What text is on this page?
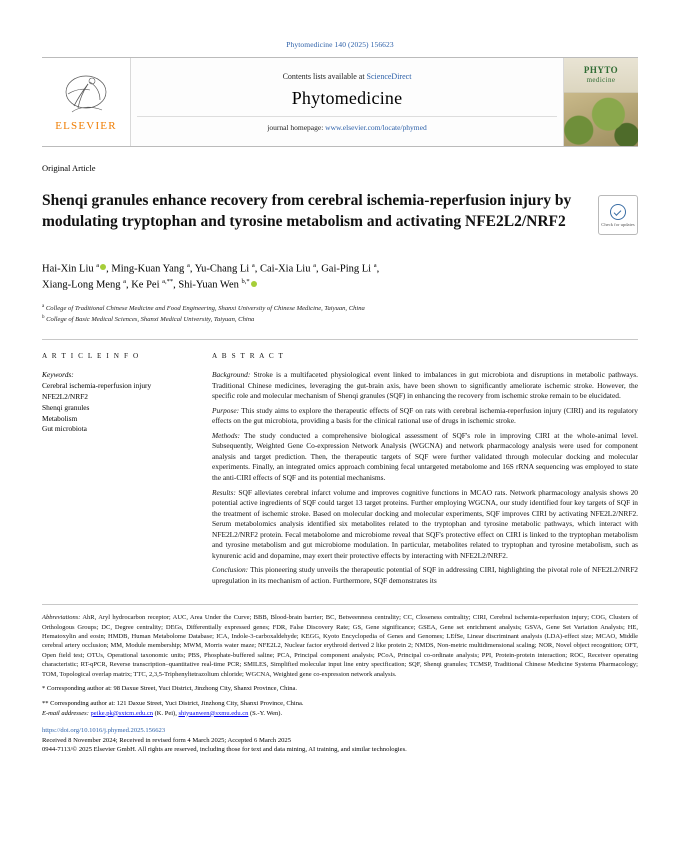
Phytomedicine 140 (2025) 156623
ELSEVIER
Contents lists available at ScienceDirect
Phytomedicine
journal homepage: www.elsevier.com/locate/phymed
PHYTO
medicine
Original Article
Shenqi granules enhance recovery from cerebral ischemia-reperfusion injury by modulating tryptophan and tyrosine metabolism and activating NFE2L2/NRF2	Check for updates
Hai-Xin Liu $^a$ , Ming-Kuan Yang $^a$, Yu-Chang Li $^a$, Cai-Xia Liu $^a$, Gai-Ping Li $^a$,
Xiang-Long Meng $^a$, Ke Pei $^{a,**}$, Shi-Yuan Wen $^{b,*}$
$^a$ College of Traditional Chinese Medicine and Food Engineering, Shanxi University of Chinese Medicine, Taiyuan, China
$^b$ College of Basic Medical Sciences, Shanxi Medical University, Taiyuan, China
A R T I C L E I N F O
Keywords:
Cerebral ischemia-reperfusion injury
NFE2L2/NRF2
Shenqi granules
Metabolism
Gut microbiota
A B S T R A C T

Background: Stroke is a multifaceted physiological event linked to imbalances in gut microbiota and disruptions in metabolic pathways. Traditional Chinese medicines, leveraging the gut-brain axis, have been shown to significantly ameliorate ischemic stroke. However, the specific role and molecular mechanism of Shenqi granules (SQF) in enhancing the recovery from ischemic stroke remain to be elucidated.

Purpose: This study aims to explore the therapeutic effects of SQF on rats with cerebral ischemia-reperfusion injury (CIRI) and its regulatory effects on the gut microbiota, providing a basis for the clinical rational use of drugs in ischemic stroke.

Methods: The study conducted a comprehensive biological assessment of SQF's role in improving CIRI at the whole-animal level. Subsequently, Weighted Gene Co-expression Network Analysis (WGCNA) and network pharmacology analysis were used for component analysis and target prediction. Then, the therapeutic targets of SQF were further validated through molecular docking and molecular experiments. Finally, an integrated omics approach combining fecal untargeted metabolome and 16S rRNA sequencing was employed to state the anti-CIRI effects of SQF and its potential mechanisms.

Results: SQF alleviates cerebral infarct volume and improves cognitive functions in MCAO rats. Network pharmacology analysis shows 20 potential active ingredients of SQF could target 13 target proteins. Further employing WGCNA, our study identified four key targets of SQF in the treatment of ischemic stroke. Based on molecular docking and molecular experiments, SQF improves CIRI by activating NFE2L2/NRF2. Serum metabolomics analysis identified six metabolites related to the tryptophan and tyrosine metabolic pathways, which interact with NFE2L2/NRF2 protein. Fecal metabolome and microbiome reveal that SQF's protective effect on CIRI is linked to the tryptophan metabolism and tyrosine metabolism and gut microbiome modulation. In particular, metabolites related to tryptophan and tyrosine metabolism, such as kynurenic acid and dopamine, may exert their protective effects by interacting with NFE2L2/NRF2.

Conclusion: This pioneering study unveils the therapeutic potential of SQF in addressing CIRI, highlighting the pivotal role of NFE2L2/NRF2 upregulation in its mechanism of action. Furthermore, SQF demonstrates its

Abbreviations: AhR, Aryl hydrocarbon receptor; AUC, Area Under the Curve; BBB, Blood-brain barrier; BC, Betweenness centrality; CC, Closeness centrality; CIRI, Cerebral ischemia-reperfusion injury; COG, Clusters of Orthologous Groups; DC, Degree centrality; DEGs, Differentially expressed genes; FDR, False Discovery Rate; GS, Gene significance; GSEA, Gene set enrichment analysis; GSVA, Gene Set Variation Analysis; HE, Hematoxylin and eosin; HMDB, Human Metabolome Database; ICA, Indole-3-carboxaldehyde; KEGG, Kyoto Encyclopedia of Genes and Genomes; LEfSe, Linear discriminant analysis (LDA)-effect size; MCAO, Middle cerebral artery occlusion; MM, Module membership; MWM, Morris water maze; NFE2L2, Nuclear factor erythroid derived 2 like protein 2; NMDS, Non-metric multidimensional scaling; NOR, Novel object recognition; OFT, Open field test; OTUs, Operational taxonomic units; PBS, Phosphate-buffered saline; PCA, Principal component analysis; PCoA, Principal co-ordinate analysis; PPI, Protein-protein interaction; ROC, Receiver operating characteristic; RT-qPCR, Reverse transcription–quantitative real-time PCR; SMILES, Simplified molecular input line entry specification; SQF, Shenqi granules; TCMSP, Traditional Chinese Medicine Systems Pharmacology; TOM, Topological overlap matrix; TTC, 2,3,5-Triphenyltetrazolium chloride; WGCNA, Weighted gene co-expression network analysis.
* Corresponding author at: 98 Daxue Street, Yuci District, Jinzhong City, Shanxi Province, China.
** Corresponding author at: 121 Daxue Street, Yuci District, Jinzhong City, Shanxi Province, China.
E-mail addresses: peike.pk@sxtcm.edu.cn (K. Pei), shiyuanwen@sxmu.edu.cn (S.-Y. Wen).
https://doi.org/10.1016/j.phymed.2025.156623
Received 8 November 2024; Received in revised form 4 March 2025; Accepted 6 March 2025
0944-7113/© 2025 Elsevier GmbH. All rights are reserved, including those for text and data mining, AI training, and similar technologies.
